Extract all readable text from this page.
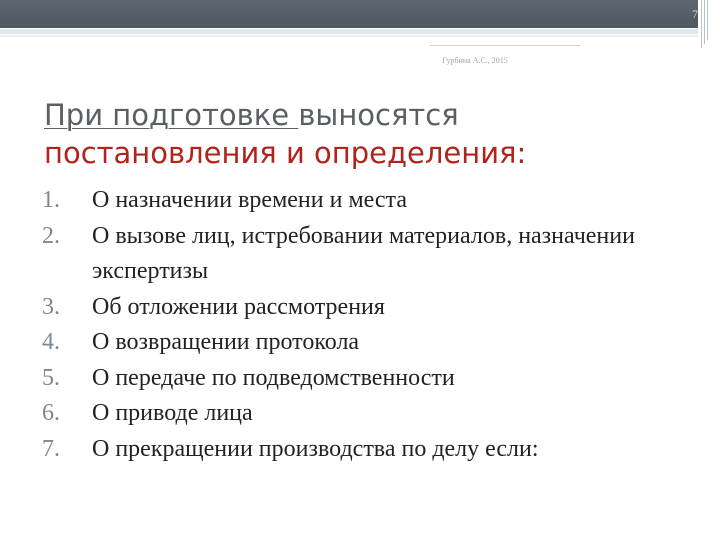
7
Гурбина А.С., 2015
При подготовке выносятся
постановления и определения:
1.	О назначении времени и места
2.	О вызове лиц, истребовании материалов, назначении экспертизы
3.	Об отложении рассмотрения
4.	О возвращении протокола
5.	О передаче по подведомственности
6.	О приводе лица
7.	О прекращении производства по делу если:
